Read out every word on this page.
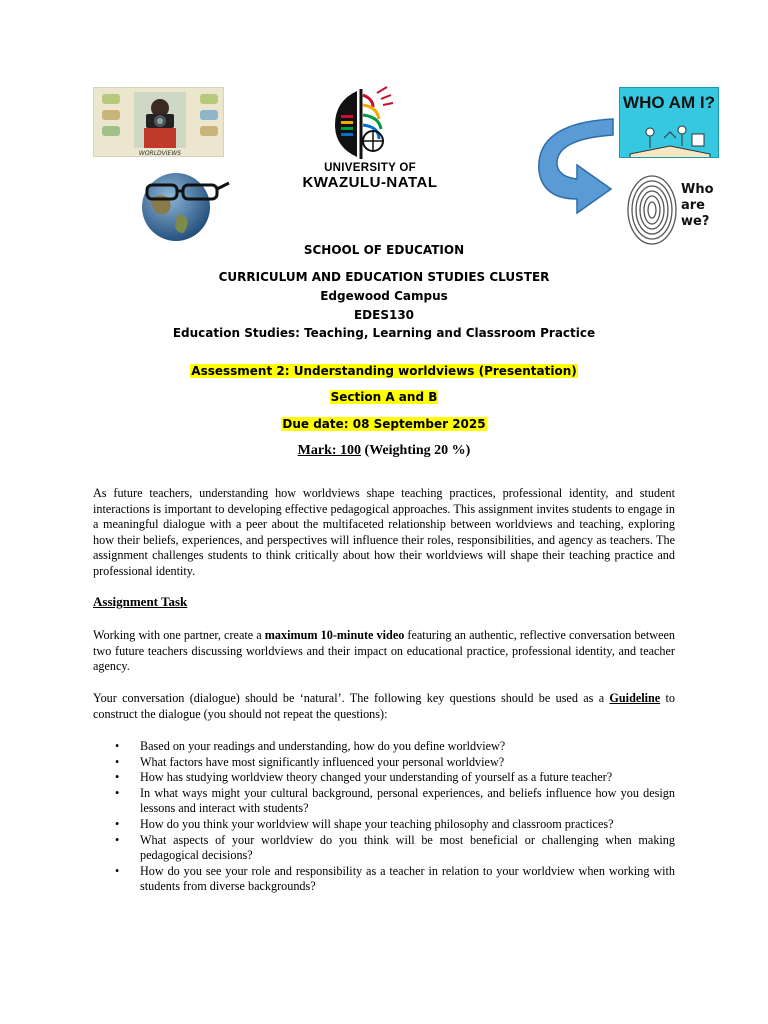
WORLDVIEWS
UNIVERSITY OF
KWAZULU-NATAL
WHO AM I?
Who
are
we?
SCHOOL OF EDUCATION
CURRICULUM AND EDUCATION STUDIES CLUSTER
Edgewood Campus
EDES130
Education Studies: Teaching, Learning and Classroom Practice
Assessment 2: Understanding worldviews (Presentation)
Section A and B
Due date: 08 September 2025
Mark: 100 (Weighting 20 %)
As future teachers, understanding how worldviews shape teaching practices, professional identity, and student interactions is important to developing effective pedagogical approaches. This assignment invites students to engage in a meaningful dialogue with a peer about the multifaceted relationship between worldviews and teaching, exploring how their beliefs, experiences, and perspectives will influence their roles, responsibilities, and agency as teachers. The assignment challenges students to think critically about how their worldviews will shape their teaching practice and professional identity.
Assignment Task
Working with one partner, create a maximum 10-minute video featuring an authentic, reflective conversation between two future teachers discussing worldviews and their impact on educational practice, professional identity, and teacher agency.
Your conversation (dialogue) should be ‘natural’. The following key questions should be used as a Guideline to construct the dialogue (you should not repeat the questions):
• Based on your readings and understanding, how do you define worldview?
• What factors have most significantly influenced your personal worldview?
• How has studying worldview theory changed your understanding of yourself as a future teacher?
• In what ways might your cultural background, personal experiences, and beliefs influence how you design lessons and interact with students?
• How do you think your worldview will shape your teaching philosophy and classroom practices?
• What aspects of your worldview do you think will be most beneficial or challenging when making pedagogical decisions?
• How do you see your role and responsibility as a teacher in relation to your worldview when working with students from diverse backgrounds?
